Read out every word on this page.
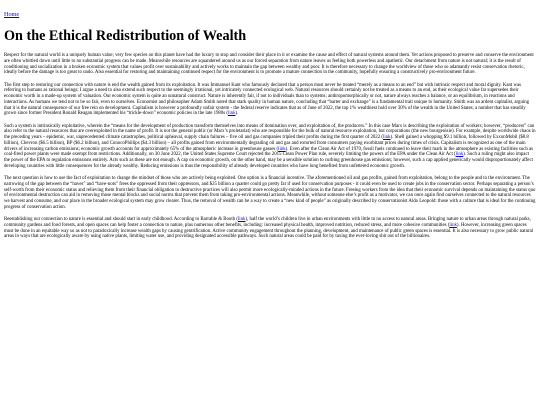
Home
On the Ethical Redistribution of Wealth

Respect for the natural world is a uniquely human value; very few species on this planet have had the luxury to stop and consider their place in it or examine the cause and effect of natural systems around them. Yet actions proposed to preserve and conserve the environment are often whittled down until little to no substantial progress can be made. Meanwhile resources are squandered around us as our forced separation from nature leaves us feeling both powerless and apathetic. Our detachment from nature is not natural; it is the result of conditioning and socialization in a broken economic system that values profit over sustainability and actively works to maintain the gap between wealthy and poor. It is therefore necessary to change the worldview of those who so adamantly resist conservation rhetoric, ideally before the damage is too great to undo. Also essential for restoring and maintaining continued respect for the environment is to promote a mature connection in the community, hopefully ensuring a constructively pro-environment future.

The first step to restoring our connection with nature is end the wealth gained from its exploitation. It was Immanuel Kant who famously declared that a person must never be treated “merely as a means to an end” but with intrinsic respect and moral dignity. Kant was referring to humans as rational beings; I argue a need to also extend such respect to the seemingly irrational, yet intricately connected ecological web. Natural resources should certainly not be treated as a means to an end, as their ecological value far supersedes their economic worth in a made-up system of valuation. Our economic system is quite an unnatural construct. Nature is inherently fair, if not to individuals than to systems; anthropomorphically or not, nature always reaches a balance, or an equilibrium, in reactions and interactions. As humans we tend not to be so fair, even to ourselves. Economist and philosopher Adam Smith noted that stark quality in human nature, concluding that “barter and exchange” is a fundamental trait unique to humanity. Smith was an ardent capitalist, arguing that it is the natural consequence of our free rein on development. Capitalism is however a profoundly unfair system - the federal reserve indicates that as of June of 2022, the top 1% wealthiest hold over 30% of the wealth in the United States; a number that has steadily grown since former President Ronald Reagan implemented his “trickle-down” economic policies in the late 1980s (link).

Such a system is intrinsically exploitative, wherein the “means for the development of production transform themselves into means of domination over, and exploitation of, the producers.” In this case Marx is describing the exploitation of workers; however, “producers” can also refer to the natural resources that are overexploited in the name of profit. It is not the general public (or Marx’s proletariat) who are responsible for the bulk of natural resource exploitation, but corporations (the new bourgeoisie). For example, despite worldwide chaos in the preceding years – epidemic, war, unprecedented climate catastrophes, political upheaval, supply chain failures – five oil and gas companies tripled their profits during the first quarter of 2022 (link). Shell gained a whopping $9.1 billion, followed by ExxonMobil ($8.8 billion), Chevron ($6.5 billion), BP ($6.2 billion), and ConocoPhillips ($4.3 billion) – all profits gained from environmentally degrading oil and gas and extorted from consumers paying exorbitant prices during times of crisis. Capitalism is recognized as one of the main drivers of increasing carbon emissions; economic growth accounts for approximately 65% of the atmospheric increase in greenhouse gasses (link). Even after the Clean Air Act of 1970, fossil fuels continued to leave their mark in the atmosphere as existing facilities such as coal-fired power plants were made exempt from restrictions. Additionally, on 30 June 2022, the United States Supreme Court rejected the 2015 Clean Power Plan rule, severely limiting the powers of the EPA under the Clean Air Act (link). Such a ruling might also impact the power of the EPA to regulation emissions entirely. Acts such as these are not enough. A cap on economic growth, on the other hand, may be a sensible solution to curbing greenhouse gas emissions; however, such a cap applied generically would disproportionately affect developing countries with little consequences for the already wealthy. Reducing emissions is thus the responsibility of already developed countries who have long benefited from unfettered economic growth.

The next question is how to use the fact of exploitation to change the mindset of those who are actively being exploited. One option is a financial incentive. The aforementioned oil and gas profits, gained from exploitation, belong to the people and to the environment. The narrowing of the gap between the “haves” and “have-nots” frees the oppressed from their oppressors, and $25 billion a quarter could go pretty far if used for conservation purposes - it could even be used to create jobs in the conservation sector. Perhaps separating a person’s self-worth from their economic status and relieving them from their financial obligation to destructive practices will also permit more ecologically-minded actions in the future. Freeing workers from the idea that their economic survival depends on maintaining the status quo of environmental destruction can aid in removing those mental blocks and social norms that prevent them from taking pro-environmental actions. Meanwhile, without someone else’s profit as a motivator, we can once again find ourselves connected to the natural resources we harvest and consume, and our place in the broader ecological system may grow clearer. Thus, the removal of wealth can be a way to create a “new kind of people” as originally described by conservationist Aldo Leopold: those with a culture that is ideal for the continuing progress of conservation action.

Reestablishing our connection to nature is essential and should start in early childhood. According to Barrable & Booth (link), half the world’s children live in urban environments with little to no access to natural areas. Bringing nature to urban areas through natural parks, community gardens and food forests, and open spaces can help foster a connection to nature, plus numerous other benefits, including: increased physical health, improved nutrition, reduced stress, and more cohesive communities (link). However, increasing green spaces must be done in an equitable way so as not to paradoxically increase wealth gaps by causing gentrification. Active community engagement throughout the planning, development, and maintenance of public green spaces is essential. It is also necessary to grow public natural areas in ways that are ecologically aware by using native plants, limiting water use, and providing designated accessible pathways. Such natural areas could be paid for by taxing the ever-loving shit out of the billionaires.
